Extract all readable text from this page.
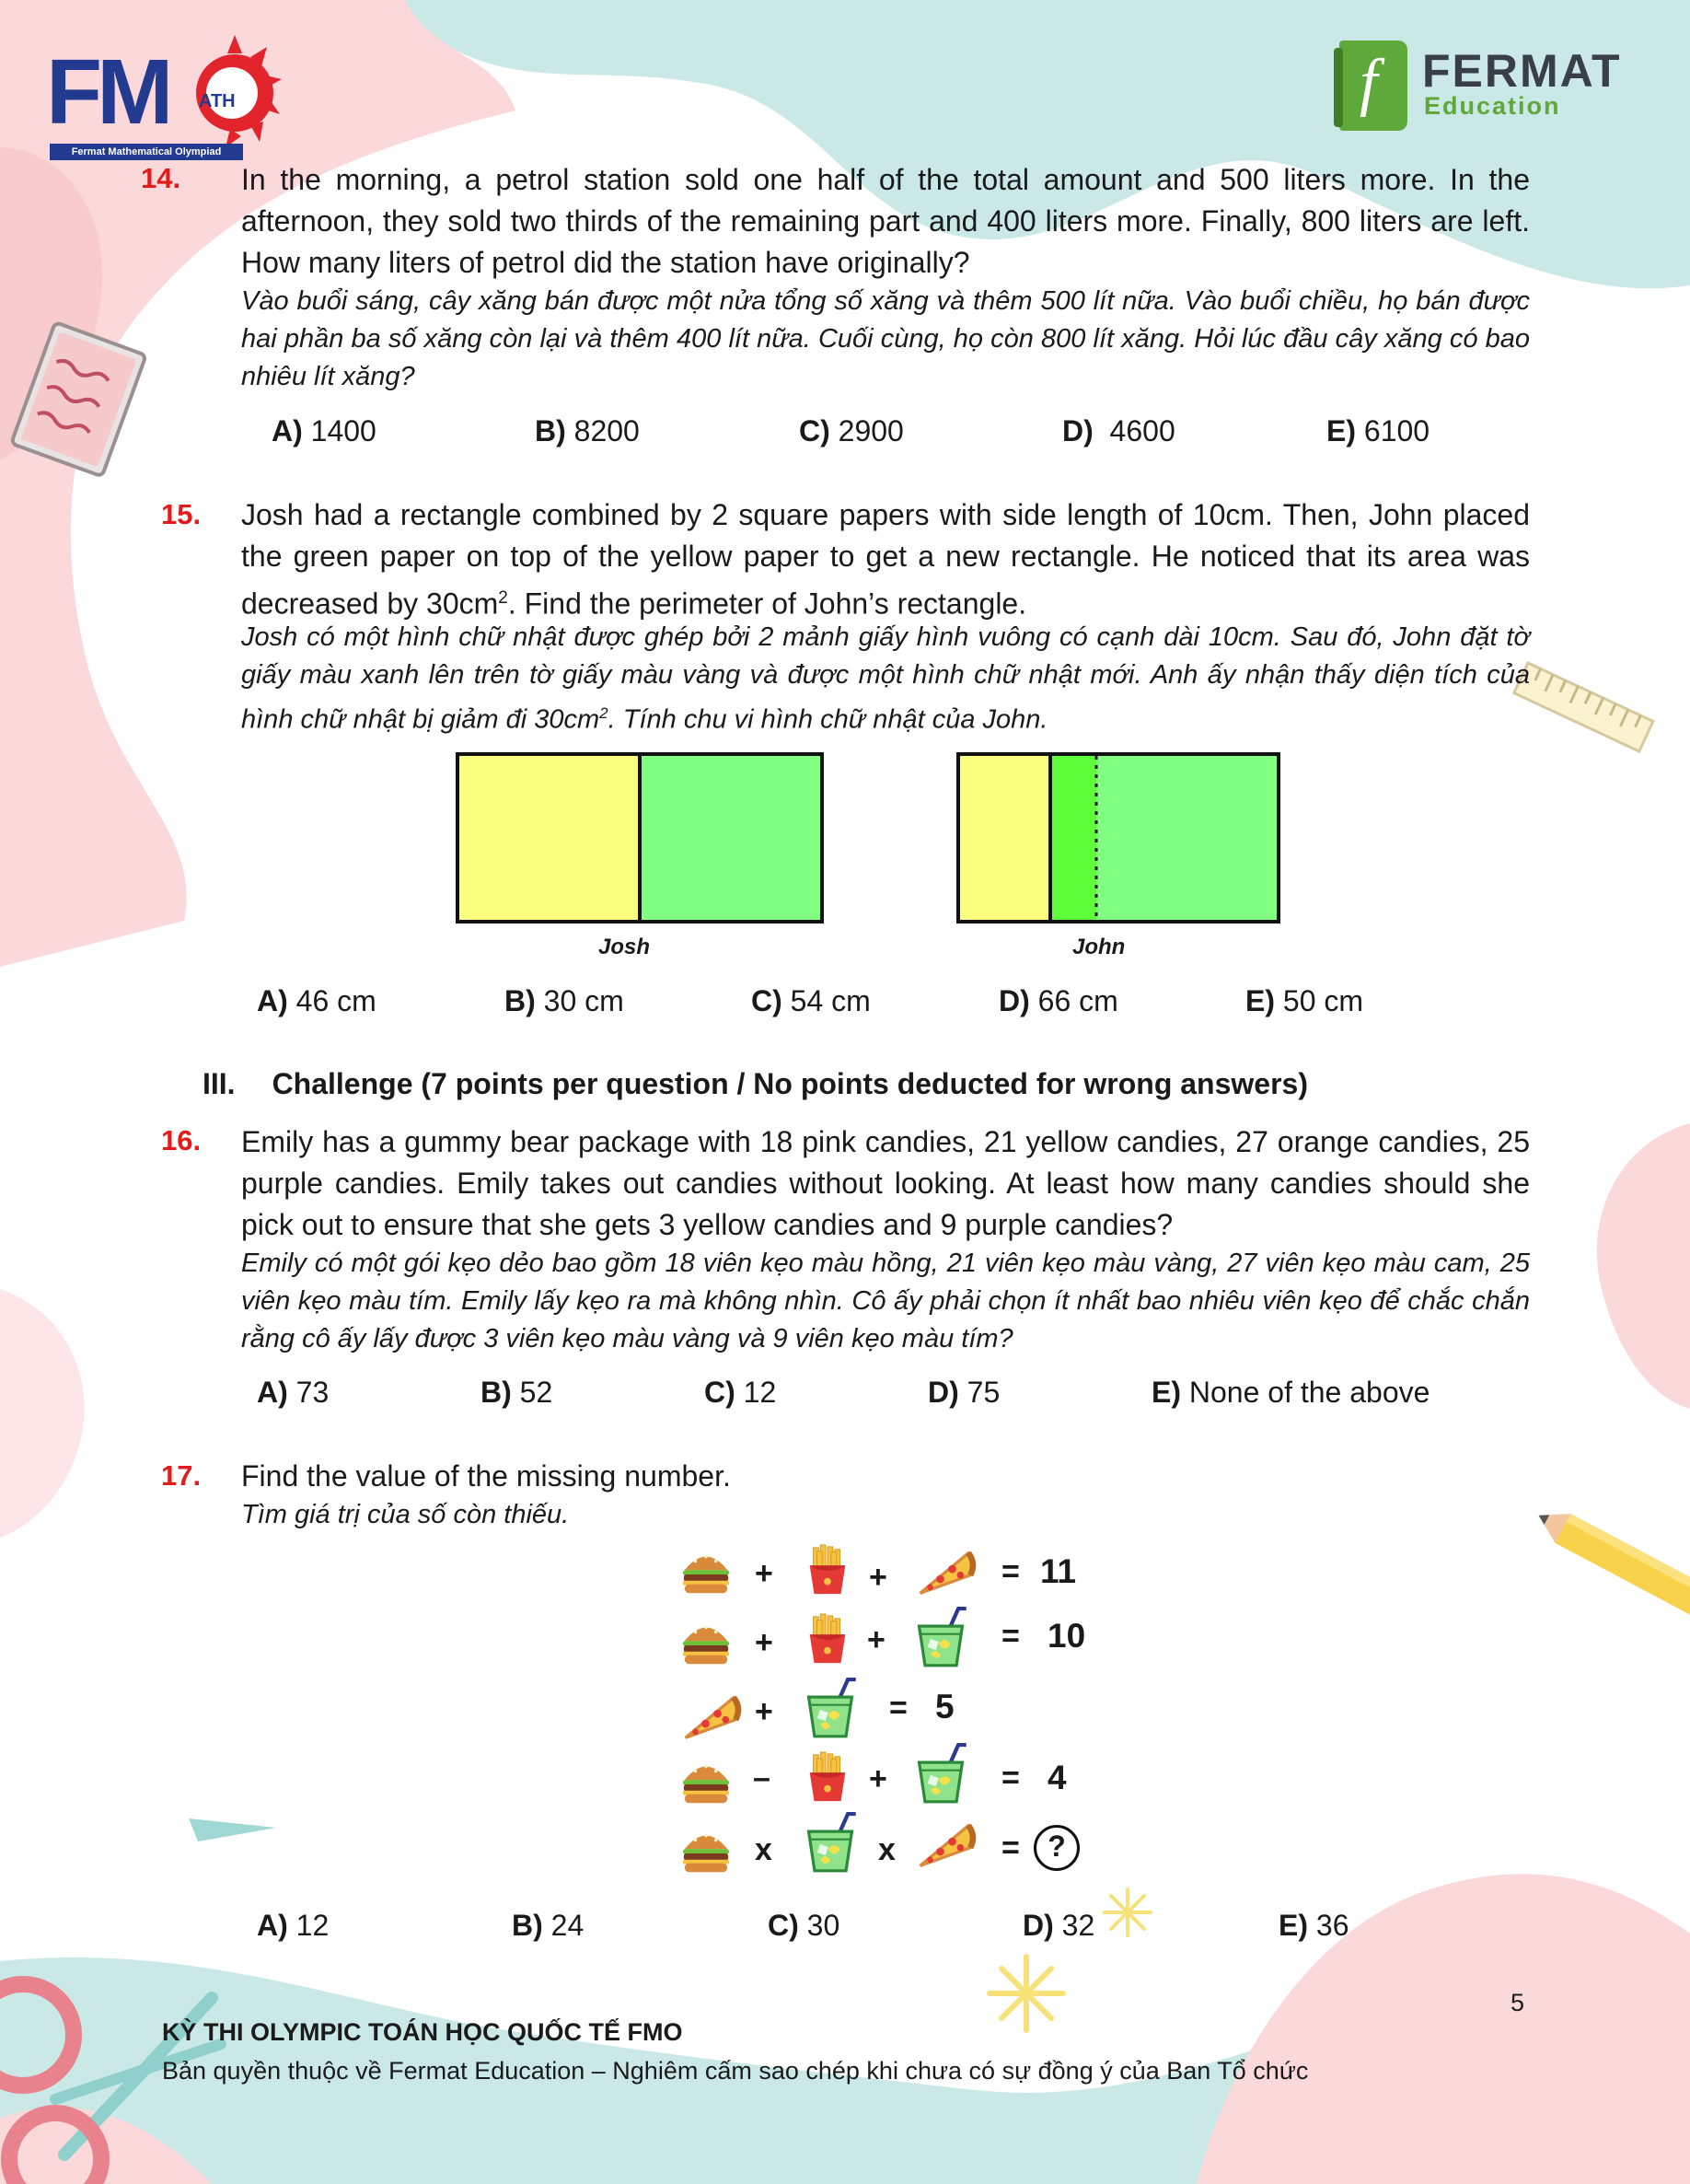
FM ATH
Fermat Mathematical Olympiad
f FERMAT
Education
14. In the morning, a petrol station sold one half of the total amount and 500 liters more. In the afternoon, they sold two thirds of the remaining part and 400 liters more. Finally, 800 liters are left. How many liters of petrol did the station have originally?
Vào buổi sáng, cây xăng bán được một nửa tổng số xăng và thêm 500 lít nữa. Vào buổi chiều, họ bán được hai phần ba số xăng còn lại và thêm 400 lít nữa. Cuối cùng, họ còn 800 lít xăng. Hỏi lúc đầu cây xăng có bao nhiêu lít xăng?
A) 1400	B) 8200	C) 2900	D)  4600	E) 6100
15. Josh had a rectangle combined by 2 square papers with side length of 10cm. Then, John placed the green paper on top of the yellow paper to get a new rectangle. He noticed that its area was decreased by $30cm^2$. Find the perimeter of John’s rectangle.
Josh có một hình chữ nhật được ghép bởi 2 mảnh giấy hình vuông có cạnh dài 10cm. Sau đó, John đặt tờ giấy màu xanh lên trên tờ giấy màu vàng và được một hình chữ nhật mới. Anh ấy nhận thấy diện tích của hình chữ nhật bị giảm đi $30cm^2$. Tính chu vi hình chữ nhật của John.
Josh	John
A) 46 cm	B) 30 cm	C) 54 cm	D) 66 cm	E) 50 cm
III. Challenge (7 points per question / No points deducted for wrong answers)
16. Emily has a gummy bear package with 18 pink candies, 21 yellow candies, 27 orange candies, 25 purple candies. Emily takes out candies without looking. At least how many candies should she pick out to ensure that she gets 3 yellow candies and 9 purple candies?
Emily có một gói kẹo dẻo bao gồm 18 viên kẹo màu hồng, 21 viên kẹo màu vàng, 27 viên kẹo màu cam, 25 viên kẹo màu tím. Emily lấy kẹo ra mà không nhìn. Cô ấy phải chọn ít nhất bao nhiêu viên kẹo để chắc chắn rằng cô ấy lấy được 3 viên kẹo màu vàng và 9 viên kẹo màu tím?
A) 73	B) 52	C) 12	D) 75	E) None of the above
17. Find the value of the missing number.
Tìm giá trị của số còn thiếu.
+	+	= 11
+	+	= 10
+	= 5
–	+	= 4
x	x	= ?
A) 12	B) 24	C) 30	D) 32	E) 36
5
KỲ THI OLYMPIC TOÁN HỌC QUỐC TẾ FMO
Bản quyền thuộc về Fermat Education – Nghiêm cấm sao chép khi chưa có sự đồng ý của Ban Tổ chức
